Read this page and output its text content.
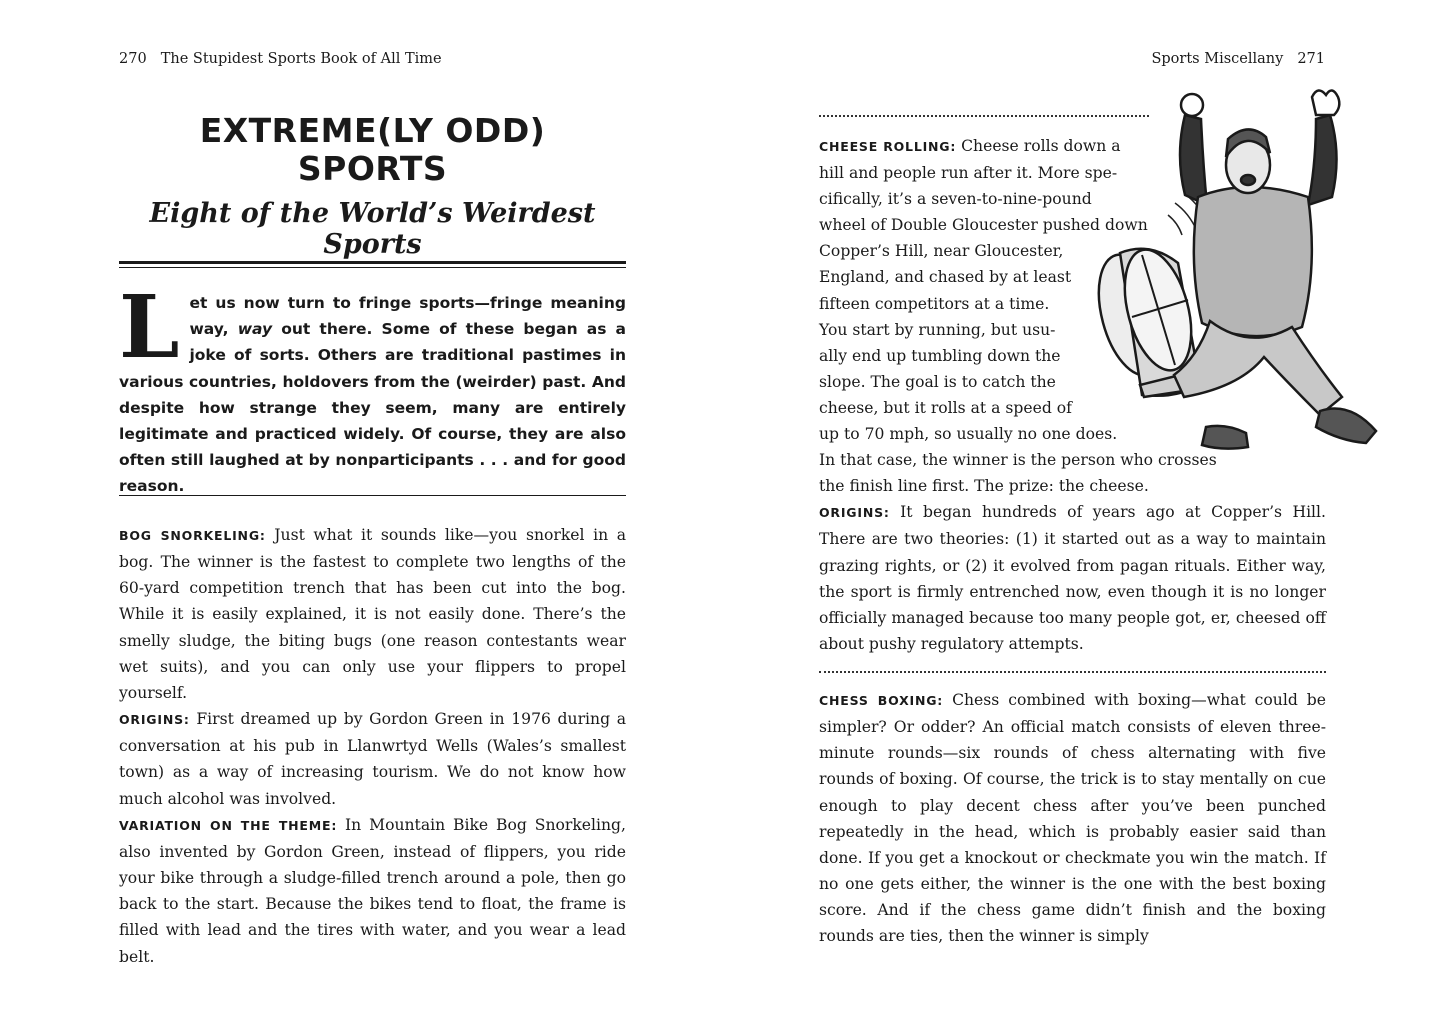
270 The Stupidest Sports Book of All Time
EXTREME(LY ODD)
SPORTS
Eight of the World’s Weirdest Sports
Let us now turn to fringe sports—fringe meaning way, way out there. Some of these began as a joke of sorts. Others are traditional pastimes in various countries, holdovers from the (weirder) past. And despite how strange they seem, many are entirely legitimate and practiced widely. Of course, they are also often still laughed at by nonparticipants . . . and for good reason.

BOG SNORKELING: Just what it sounds like—you snorkel in a bog. The winner is the fastest to complete two lengths of the 60-yard competition trench that has been cut into the bog. While it is easily explained, it is not easily done. There’s the smelly sludge, the biting bugs (one reason contestants wear wet suits), and you can only use your flippers to propel yourself.

ORIGINS: First dreamed up by Gordon Green in 1976 during a conversation at his pub in Llanwrtyd Wells (Wales’s smallest town) as a way of increasing tourism. We do not know how much alcohol was involved.

VARIATION ON THE THEME: In Mountain Bike Bog Snorkeling, also invented by Gordon Green, instead of flippers, you ride your bike through a sludge-filled trench around a pole, then go back to the start. Because the bikes tend to float, the frame is filled with lead and the tires with water, and you wear a lead belt.

Sports Miscellany 271
CHEESE ROLLING: Cheese rolls down a
hill and people run after it. More spe-
cifically, it’s a seven-to-nine-pound
wheel of Double Gloucester pushed down
Copper’s Hill, near Gloucester,
England, and chased by at least
fifteen competitors at a time.
You start by running, but usu-
ally end up tumbling down the
slope. The goal is to catch the
cheese, but it rolls at a speed of
up to 70 mph, so usually no one does.
In that case, the winner is the person who crosses
the finish line first. The prize: the cheese.

ORIGINS: It began hundreds of years ago at Copper’s Hill. There are two theories: (1) it started out as a way to maintain grazing rights, or (2) it evolved from pagan rituals. Either way, the sport is firmly entrenched now, even though it is no longer officially managed because too many people got, er, cheesed off about pushy regulatory attempts.

CHESS BOXING: Chess combined with boxing—what could be simpler? Or odder? An official match consists of eleven three-minute rounds—six rounds of chess alternating with five rounds of boxing. Of course, the trick is to stay mentally on cue enough to play decent chess after you’ve been punched repeatedly in the head, which is probably easier said than done. If you get a knockout or checkmate you win the match. If no one gets either, the winner is the one with the best boxing score. And if the chess game didn’t finish and the boxing rounds are ties, then the winner is simply
